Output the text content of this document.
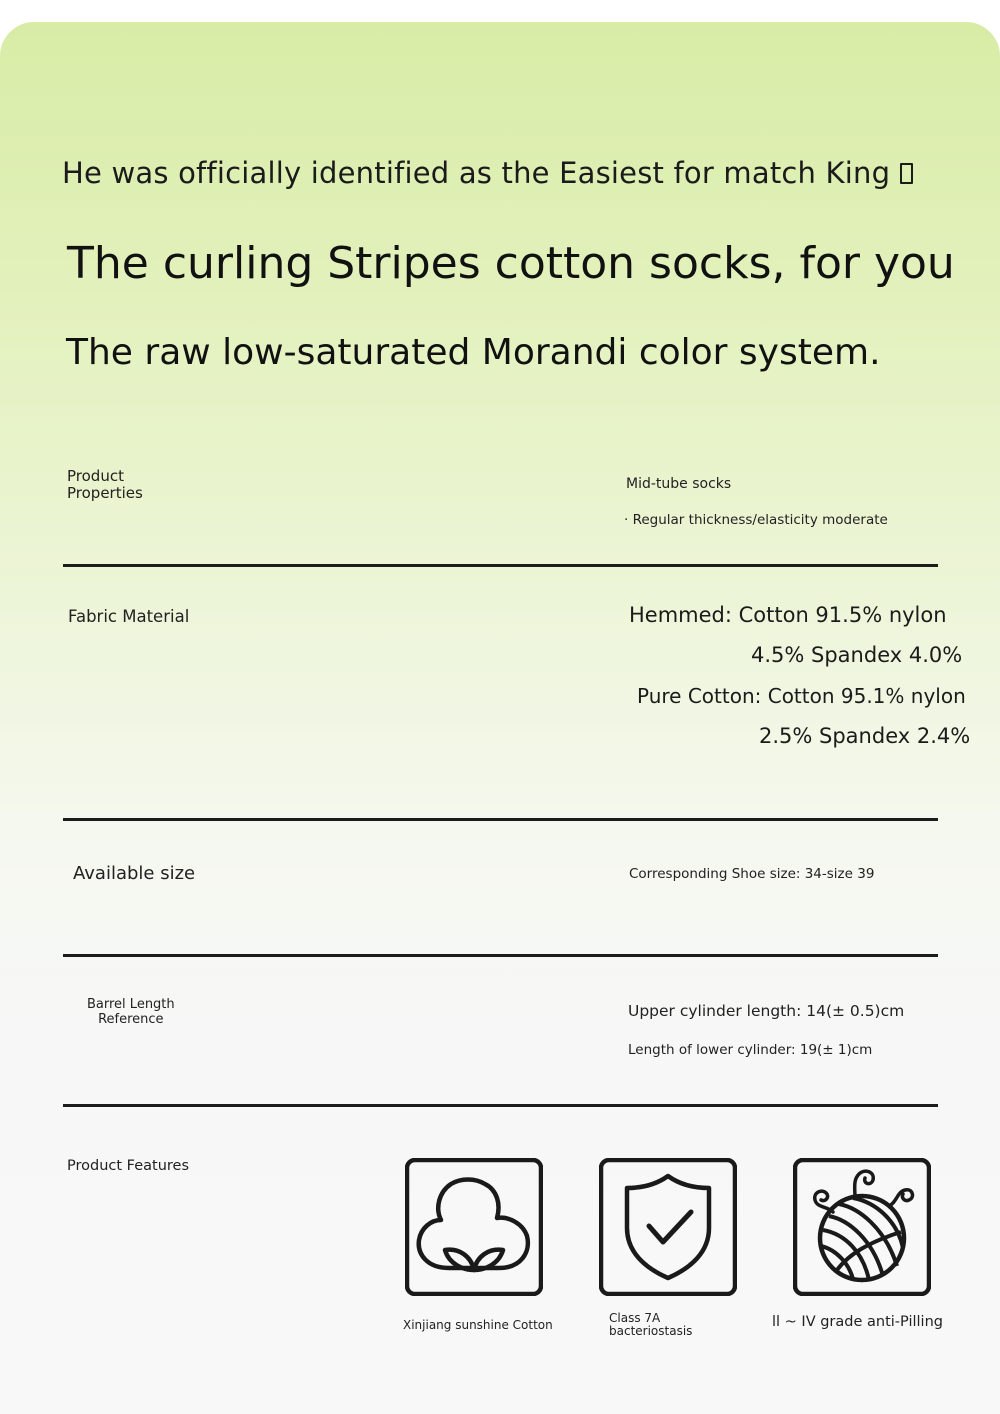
He was officially identified as the Easiest for match King

The curling Stripes cotton socks, for you

The raw low-saturated Morandi color system.

Product
Properties	Mid-tube socks

· Regular thickness/elasticity moderate

Fabric Material	Hemmed: Cotton 91.5% nylon

4.5% Spandex 4.0%

Pure Cotton: Cotton 95.1% nylon

2.5% Spandex 2.4%

Available size	Corresponding Shoe size: 34-size 39

Barrel Length
Reference	Upper cylinder length: 14(± 0.5)cm

Length of lower cylinder: 19(± 1)cm

Product Features

Xinjiang sunshine Cotton	Class 7A
bacteriostasis

ll ~ IV grade anti-Pilling
